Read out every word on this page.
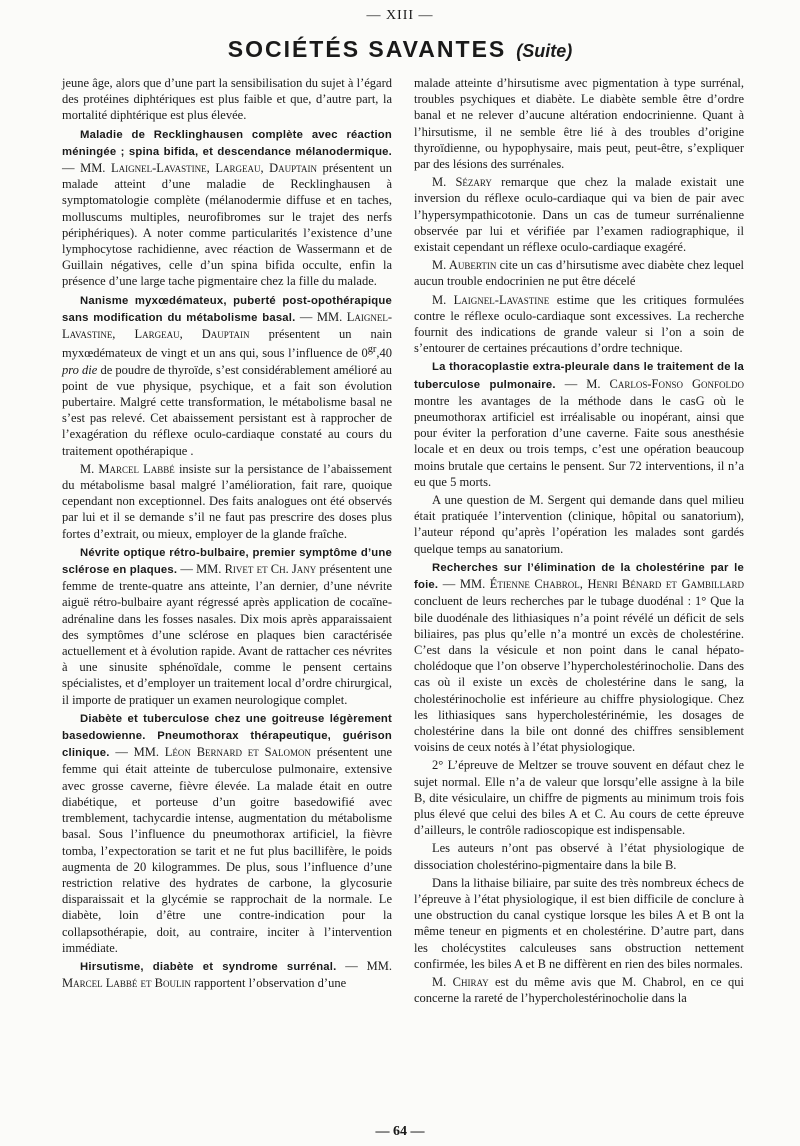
— XIII —
SOCIÉTÉS SAVANTES (Suite)

jeune âge, alors que d’une part la sensibilisation du sujet à l’égard des protéines diphtériques est plus faible et que, d’autre part, la mortalité diphtérique est plus élevée.

Maladie de Recklinghausen complète avec réaction méningée ; spina bifida, et descendance mélanodermique. — MM. Laignel-Lavastine, Largeau, Dauptain présentent un malade atteint d’une maladie de Recklinghausen à symptomatologie complète (mélanodermie diffuse et en taches, molluscums multiples, neurofibromes sur le trajet des nerfs périphériques). A noter comme particularités l’existence d’une lymphocytose rachidienne, avec réaction de Wassermann et de Guillain négatives, celle d’un spina bifida occulte, enfin la présence d’une large tache pigmentaire chez la fille du malade.

Nanisme myxœdémateux, puberté post-opothérapique sans modification du métabolisme basal. — MM. Laignel-Lavastine, Largeau, Dauptain présentent un nain myxœdémateux de vingt et un ans qui, sous l’influence de $0^{gr},40$ pro die de poudre de thyroïde, s’est considérablement amélioré au point de vue physique, psychique, et a fait son évolution pubertaire. Malgré cette transformation, le métabolisme basal ne s’est pas relevé. Cet abaissement persistant est à rapprocher de l’exagération du réflexe oculo-cardiaque constaté au cours du traitement opothérapique .

M. Marcel Labbé insiste sur la persistance de l’abaissement du métabolisme basal malgré l’amélioration, fait rare, quoique cependant non exceptionnel. Des faits analogues ont été observés par lui et il se demande s’il ne faut pas prescrire des doses plus fortes d’extrait, ou mieux, employer de la glande fraîche.

Névrite optique rétro-bulbaire, premier symptôme d’une sclérose en plaques. — MM. Rivet et Ch. Jany présentent une femme de trente-quatre ans atteinte, l’an dernier, d’une névrite aiguë rétro-bulbaire ayant régressé après application de cocaïne-adrénaline dans les fosses nasales. Dix mois après apparaissaient des symptômes d’une sclérose en plaques bien caractérisée actuellement et à évolution rapide. Avant de rattacher ces névrites à une sinusite sphénoïdale, comme le pensent certains spécialistes, et d’employer un traitement local d’ordre chirurgical, il importe de pratiquer un examen neurologique complet.

Diabète et tuberculose chez une goitreuse légèrement basedowienne. Pneumothorax thérapeutique, guérison clinique. — MM. Léon Bernard et Salomon présentent une femme qui était atteinte de tuberculose pulmonaire, extensive avec grosse caverne, fièvre élevée. La malade était en outre diabétique, et porteuse d’un goitre basedowifié avec tremblement, tachycardie intense, augmentation du métabolisme basal. Sous l’influence du pneumothorax artificiel, la fièvre tomba, l’expectoration se tarit et ne fut plus bacillifère, le poids augmenta de 20 kilogrammes. De plus, sous l’influence d’une restriction relative des hydrates de carbone, la glycosurie disparaissait et la glycémie se rapprochait de la normale. Le diabète, loin d’être une contre-indication pour la collapsothérapie, doit, au contraire, inciter à l’intervention immédiate.

Hirsutisme, diabète et syndrome surrénal. — MM. Marcel Labbé et Boulin rapportent l’observation d’une

malade atteinte d’hirsutisme avec pigmentation à type surrénal, troubles psychiques et diabète. Le diabète semble être d’ordre banal et ne relever d’aucune altération endocrinienne. Quant à l’hirsutisme, il ne semble être lié à des troubles d’origine thyroïdienne, ou hypophysaire, mais peut, peut-être, s’expliquer par des lésions des surrénales.

M. Sézary remarque que chez la malade existait une inversion du réflexe oculo-cardiaque qui va bien de pair avec l’hypersympathicotonie. Dans un cas de tumeur surrénalienne observée par lui et vérifiée par l’examen radiographique, il existait cependant un réflexe oculo-cardiaque exagéré.

M. Aubertin cite un cas d’hirsutisme avec diabète chez lequel aucun trouble endocrinien ne put être décelé

M. Laignel-Lavastine estime que les critiques formulées contre le réflexe oculo-cardiaque sont excessives. La recherche fournit des indications de grande valeur si l’on a soin de s’entourer de certaines précautions d’ordre technique.

La thoracoplastie extra-pleurale dans le traitement de la tuberculose pulmonaire. — M. Carlos-Fonso Gonfoldo montre les avantages de la méthode dans le casG où le pneumothorax artificiel est irréalisable ou inopérant, ainsi que pour éviter la perforation d’une caverne. Faite sous anesthésie locale et en deux ou trois temps, c’est une opération beaucoup moins brutale que certains le pensent. Sur 72 interventions, il n’a eu que 5 morts.

A une question de M. Sergent qui demande dans quel milieu était pratiquée l’intervention (clinique, hôpital ou sanatorium), l’auteur répond qu’après l’opération les malades sont gardés quelque temps au sanatorium.

Recherches sur l’élimination de la cholestérine par le foie. — MM. Étienne Chabrol, Henri Bénard et Gambillard concluent de leurs recherches par le tubage duodénal : 1° Que la bile duodénale des lithiasiques n’a point révélé un déficit de sels biliaires, pas plus qu’elle n’a montré un excès de cholestérine. C’est dans la vésicule et non point dans le canal hépato-cholédoque que l’on observe l’hypercholestérinocholie. Dans des cas où il existe un excès de cholestérine dans le sang, la cholestérinocholie est inférieure au chiffre physiologique. Chez les lithiasiques sans hypercholestérinémie, les dosages de cholestérine dans la bile ont donné des chiffres sensiblement voisins de ceux notés à l’état physiologique.

2° L’épreuve de Meltzer se trouve souvent en défaut chez le sujet normal. Elle n’a de valeur que lorsqu’elle assigne à la bile B, dite vésiculaire, un chiffre de pigments au minimum trois fois plus élevé que celui des biles A et C. Au cours de cette épreuve d’ailleurs, le contrôle radioscopique est indispensable.

Les auteurs n’ont pas observé à l’état physiologique de dissociation cholestérino-pigmentaire dans la bile B.

Dans la lithaise biliaire, par suite des très nombreux échecs de l’épreuve à l’état physiologique, il est bien difficile de conclure à une obstruction du canal cystique lorsque les biles A et B ont la même teneur en pigments et en cholestérine. D’autre part, dans les cholécystites calculeuses sans obstruction nettement confirmée, les biles A et B ne diffèrent en rien des biles normales.

M. Chiray est du même avis que M. Chabrol, en ce qui concerne la rareté de l’hypercholestérinocholie dans la

— 64 —
